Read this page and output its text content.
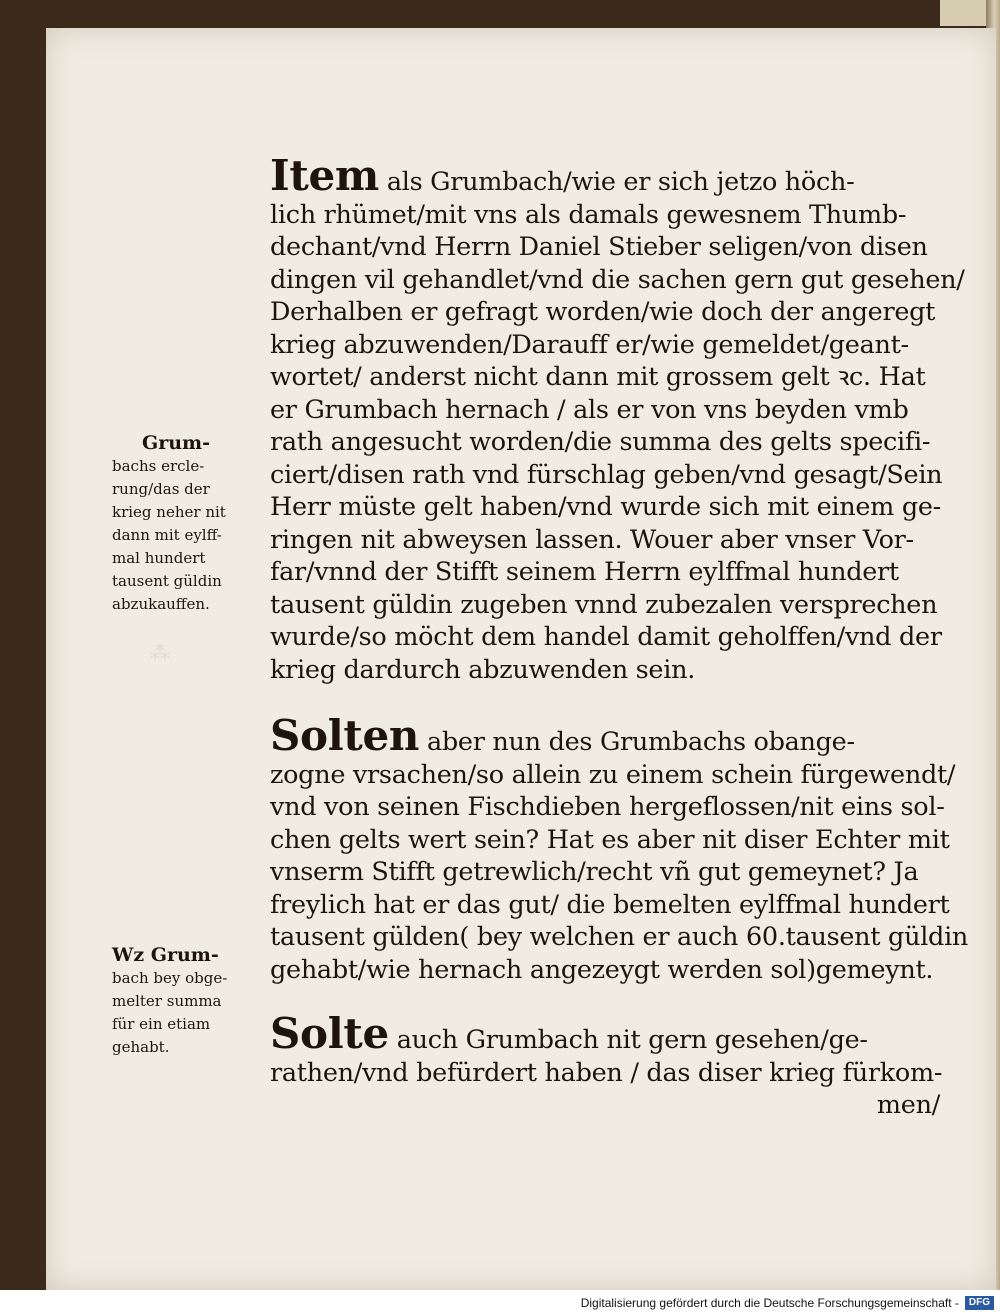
⁂
Item als Grumbach/wie er sich jetzo höch-
lich rhümet/mit vns als damals gewesnem Thumb-
dechant/vnd Herrn Daniel Stieber seligen/von disen
dingen vil gehandlet/vnd die sachen gern gut gesehen/
Derhalben er gefragt worden/wie doch der angeregt
krieg abzuwenden/Darauff er/wie gemeldet/geant-
wortet/ anderst nicht dann mit grossem gelt ꝛc. Hat
er Grumbach hernach / als er von vns beyden vmb
rath angesucht worden/die summa des gelts specifi-
ciert/disen rath vnd fürschlag geben/vnd gesagt/Sein
Herr müste gelt haben/vnd wurde sich mit einem ge-
ringen nit abweysen lassen. Wouer aber vnser Vor-
far/vnnd der Stifft seinem Herrn eylffmal hundert
tausent güldin zugeben vnnd zubezalen versprechen
wurde/so möcht dem handel damit geholffen/vnd der
krieg dardurch abzuwenden sein.
Solten aber nun des Grumbachs obange-
zogne vrsachen/so allein zu einem schein fürgewendt/
vnd von seinen Fischdieben hergeflossen/nit eins sol-
chen gelts wert sein? Hat es aber nit diser Echter mit
vnserm Stifft getrewlich/recht vñ gut gemeynet? Ja
freylich hat er das gut/ die bemelten eylffmal hundert
tausent gülden( bey welchen er auch 60.tausent güldin
gehabt/wie hernach angezeygt werden sol)gemeynt.
Solte auch Grumbach nit gern gesehen/ge-
rathen/vnd befürdert haben / das diser krieg fürkom-
men/
Grum-
bachs ercle-
rung/das der
krieg neher nit
dann mit eylff-
mal hundert
tausent güldin
abzukauffen.
Wz Grum-
bach bey obge-
melter summa
für ein etiam
gehabt.
Digitalisierung gefördert durch die Deutsche Forschungsgemeinschaft -	DFG
